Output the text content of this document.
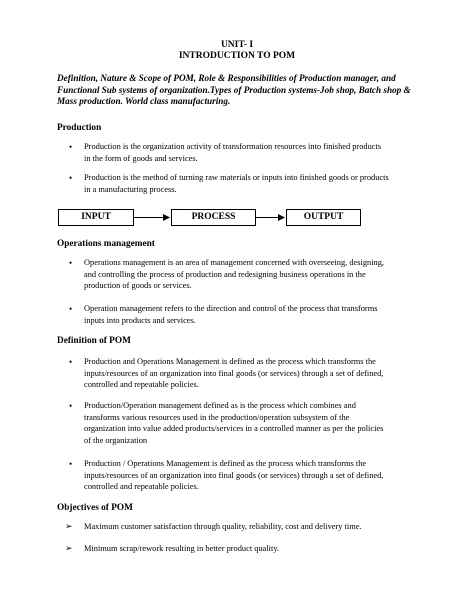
UNIT- I
INTRODUCTION TO POM
Definition, Nature & Scope of POM, Role & Responsibilities of Production manager, and
Functional Sub systems of organization.Types of Production systems-Job shop, Batch shop &
Mass production. World class manufacturing.
Production
• Production is the organization activity of transformation resources into finished products
in the form of goods and services.
• Production is the method of turning raw materials or inputs into finished goods or products
in a manufacturing process.
INPUT	PROCESS	OUTPUT
Operations management
• Operations management is an area of management concerned with overseeing, designing,
and controlling the process of production and redesigning business operations in the
production of goods or services.
• Operation management refers to the direction and control of the process that transforms
inputs into products and services.
Definition of POM
• Production and Operations Management is defined as the process which transforms the
inputs/resources of an organization into final goods (or services) through a set of defined,
controlled and repeatable policies.
• Production/Operation management defined as is the process which combines and
transforms various resources used in the production/operation subsystem of the
organization into value added products/services in a controlled manner as per the policies
of the organization
• Production / Operations Management is defined as the process which transforms the
inputs/resources of an organization into final goods (or services) through a set of defined,
controlled and repeatable policies.
Objectives of POM
➢ Maximum customer satisfaction through quality, reliability, cost and delivery time.
➢ Minimum scrap/rework resulting in better product quality.
